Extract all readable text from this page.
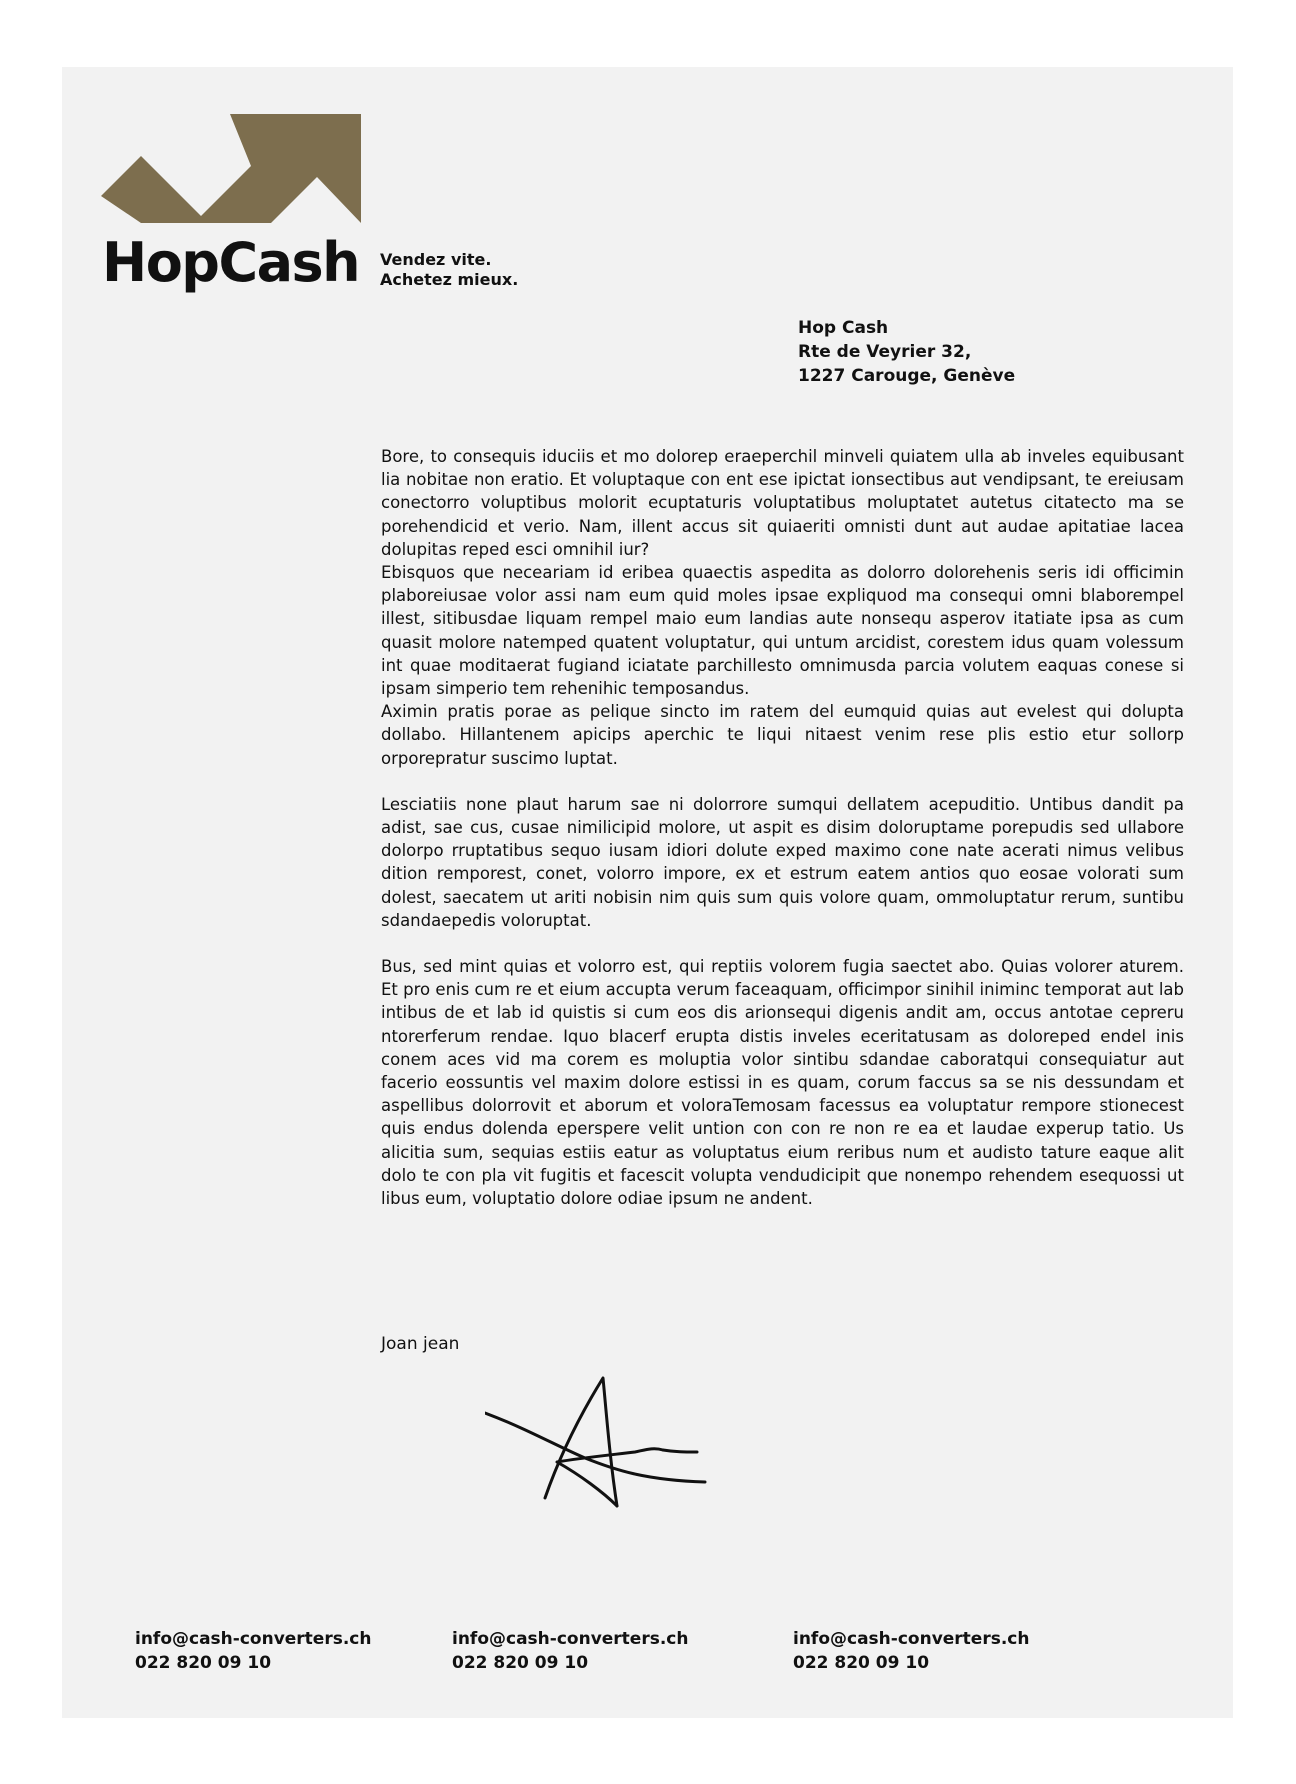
HopCash Vendez vite.
Achetez mieux.
Hop Cash
Rte de Veyrier 32,
1227 Carouge, Genève

Bore, to consequis iduciis et mo dolorep eraeperchil minveli quiatem ulla ab inveles equibusant lia nobitae non eratio. Et voluptaque con ent ese ipictat ionsectibus aut vendipsant, te ereiusam conectorro voluptibus molorit ecuptaturis voluptatibus moluptatet autetus citatecto ma se porehendicid et verio. Nam, illent accus sit quiaeriti omnisti dunt aut audae apitatiae lacea dolupitas reped esci omnihil iur?

Ebisquos que neceariam id eribea quaectis aspedita as dolorro dolorehenis seris idi officimin plaboreiusae volor assi nam eum quid moles ipsae expliquod ma consequi omni blaborempel illest, sitibusdae liquam rempel maio eum landias aute nonsequ asperov itatiate ipsa as cum quasit molore natemped quatent voluptatur, qui untum arcidist, corestem idus quam volessum int quae moditaerat fugiand iciatate parchillesto omnimusda parcia volutem eaquas conese si ipsam simperio tem rehenihic temposandus.

Aximin pratis porae as pelique sincto im ratem del eumquid quias aut evelest qui dolupta dollabo. Hillantenem apicips aperchic te liqui nitaest venim rese plis estio etur sollorp orporepratur suscimo luptat.

Lesciatiis none plaut harum sae ni dolorrore sumqui dellatem acepuditio. Untibus dandit pa adist, sae cus, cusae nimilicipid molore, ut aspit es disim doloruptame porepudis sed ullabore dolorpo rruptatibus sequo iusam idiori dolute exped maximo cone nate acerati nimus velibus dition remporest, conet, volorro impore, ex et estrum eatem antios quo eosae volorati sum dolest, saecatem ut ariti nobisin nim quis sum quis volore quam, ommoluptatur rerum, suntibu sdandaepedis voloruptat.

Bus, sed mint quias et volorro est, qui reptiis volorem fugia saectet abo. Quias volorer aturem. Et pro enis cum re et eium accupta verum faceaquam, officimpor sinihil iniminc temporat aut lab intibus de et lab id quistis si cum eos dis arionsequi digenis andit am, occus antotae cepreru ntorerferum rendae. Iquo blacerf erupta distis inveles eceritatusam as doloreped endel inis conem aces vid ma corem es moluptia volor sintibu sdandae caboratqui consequiatur aut facerio eossuntis vel maxim dolore estissi in es quam, corum faccus sa se nis dessundam et aspellibus dolorrovit et aborum et voloraTemosam facessus ea voluptatur rempore stionecest quis endus dolenda eperspere velit untion con con re non re ea et laudae experup tatio. Us alicitia sum, sequias estiis eatur as voluptatus eium reribus num et audisto tature eaque alit dolo te con pla vit fugitis et facescit volupta vendudicipit que nonempo rehendem esequossi ut libus eum, voluptatio dolore odiae ipsum ne andent.

Joan jean
info@cash-converters.ch
022 820 09 10
info@cash-converters.ch
022 820 09 10
info@cash-converters.ch
022 820 09 10
